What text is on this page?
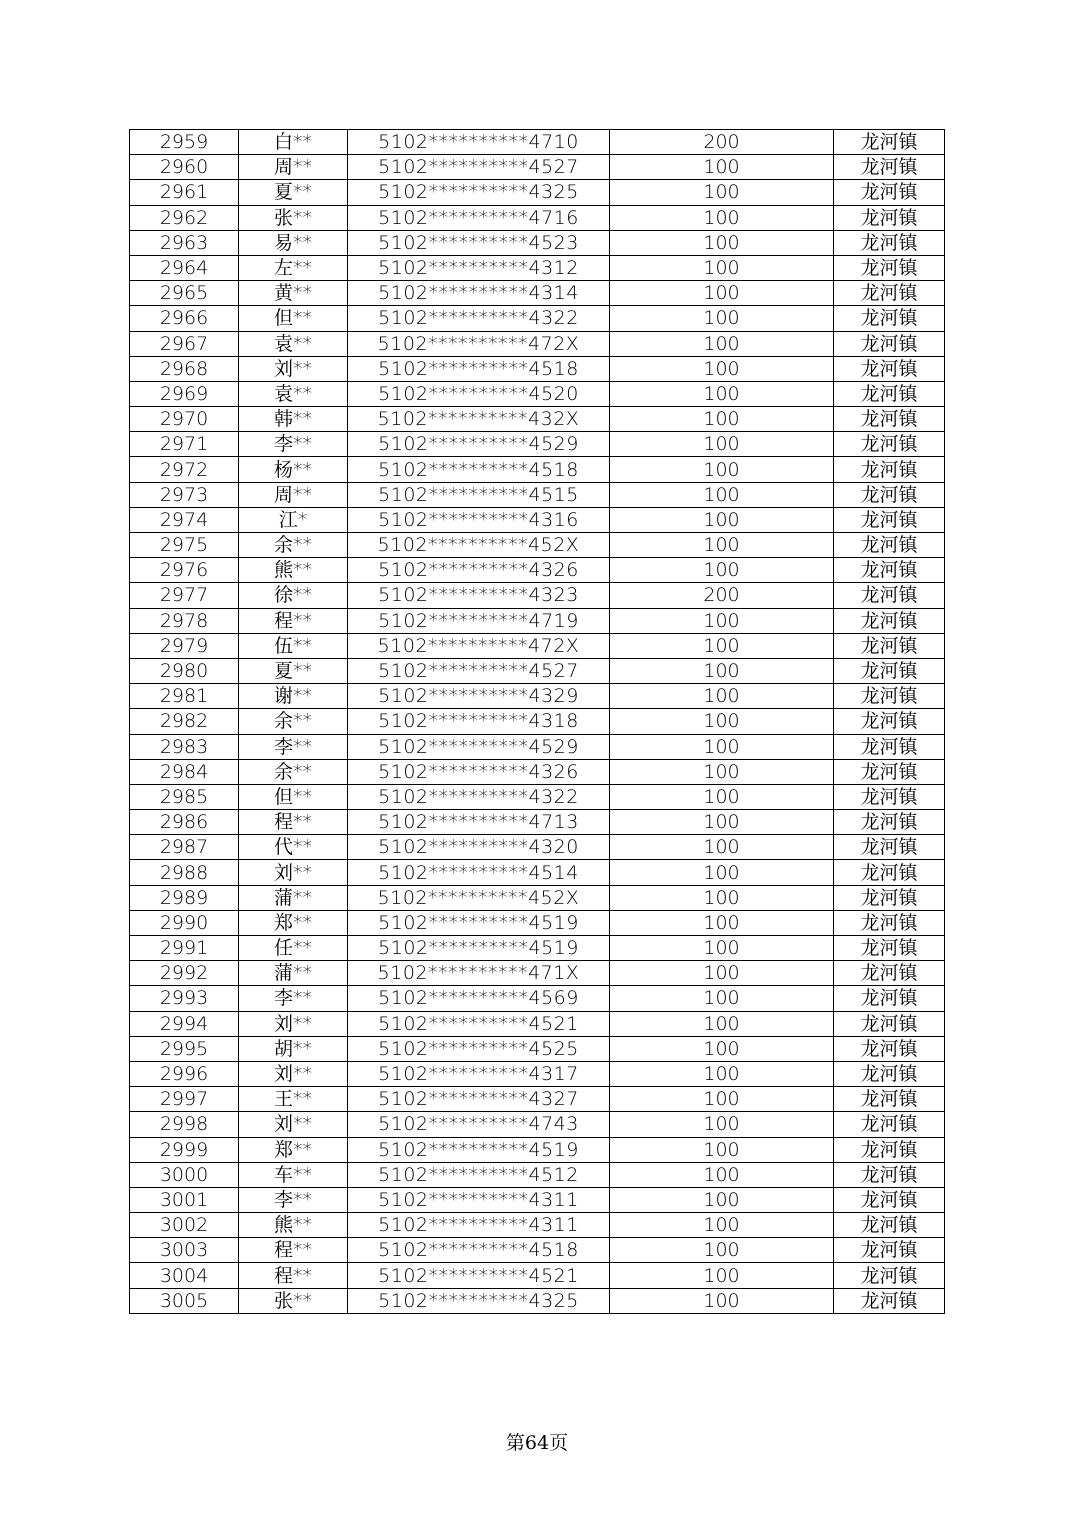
2959	白**	5102**********4710	200	龙河镇
2960	周**	5102**********4527	100	龙河镇
2961	夏**	5102**********4325	100	龙河镇
2962	张**	5102**********4716	100	龙河镇
2963	易**	5102**********4523	100	龙河镇
2964	左**	5102**********4312	100	龙河镇
2965	黄**	5102**********4314	100	龙河镇
2966	但**	5102**********4322	100	龙河镇
2967	袁**	5102**********472X	100	龙河镇
2968	刘**	5102**********4518	100	龙河镇
2969	袁**	5102**********4520	100	龙河镇
2970	韩**	5102**********432X	100	龙河镇
2971	李**	5102**********4529	100	龙河镇
2972	杨**	5102**********4518	100	龙河镇
2973	周**	5102**********4515	100	龙河镇
2974	江*	5102**********4316	100	龙河镇
2975	余**	5102**********452X	100	龙河镇
2976	熊**	5102**********4326	100	龙河镇
2977	徐**	5102**********4323	200	龙河镇
2978	程**	5102**********4719	100	龙河镇
2979	伍**	5102**********472X	100	龙河镇
2980	夏**	5102**********4527	100	龙河镇
2981	谢**	5102**********4329	100	龙河镇
2982	余**	5102**********4318	100	龙河镇
2983	李**	5102**********4529	100	龙河镇
2984	余**	5102**********4326	100	龙河镇
2985	但**	5102**********4322	100	龙河镇
2986	程**	5102**********4713	100	龙河镇
2987	代**	5102**********4320	100	龙河镇
2988	刘**	5102**********4514	100	龙河镇
2989	蒲**	5102**********452X	100	龙河镇
2990	郑**	5102**********4519	100	龙河镇
2991	任**	5102**********4519	100	龙河镇
2992	蒲**	5102**********471X	100	龙河镇
2993	李**	5102**********4569	100	龙河镇
2994	刘**	5102**********4521	100	龙河镇
2995	胡**	5102**********4525	100	龙河镇
2996	刘**	5102**********4317	100	龙河镇
2997	王**	5102**********4327	100	龙河镇
2998	刘**	5102**********4743	100	龙河镇
2999	郑**	5102**********4519	100	龙河镇
3000	车**	5102**********4512	100	龙河镇
3001	李**	5102**********4311	100	龙河镇
3002	熊**	5102**********4311	100	龙河镇
3003	程**	5102**********4518	100	龙河镇
3004	程**	5102**********4521	100	龙河镇
3005	张**	5102**********4325	100	龙河镇
第64页
